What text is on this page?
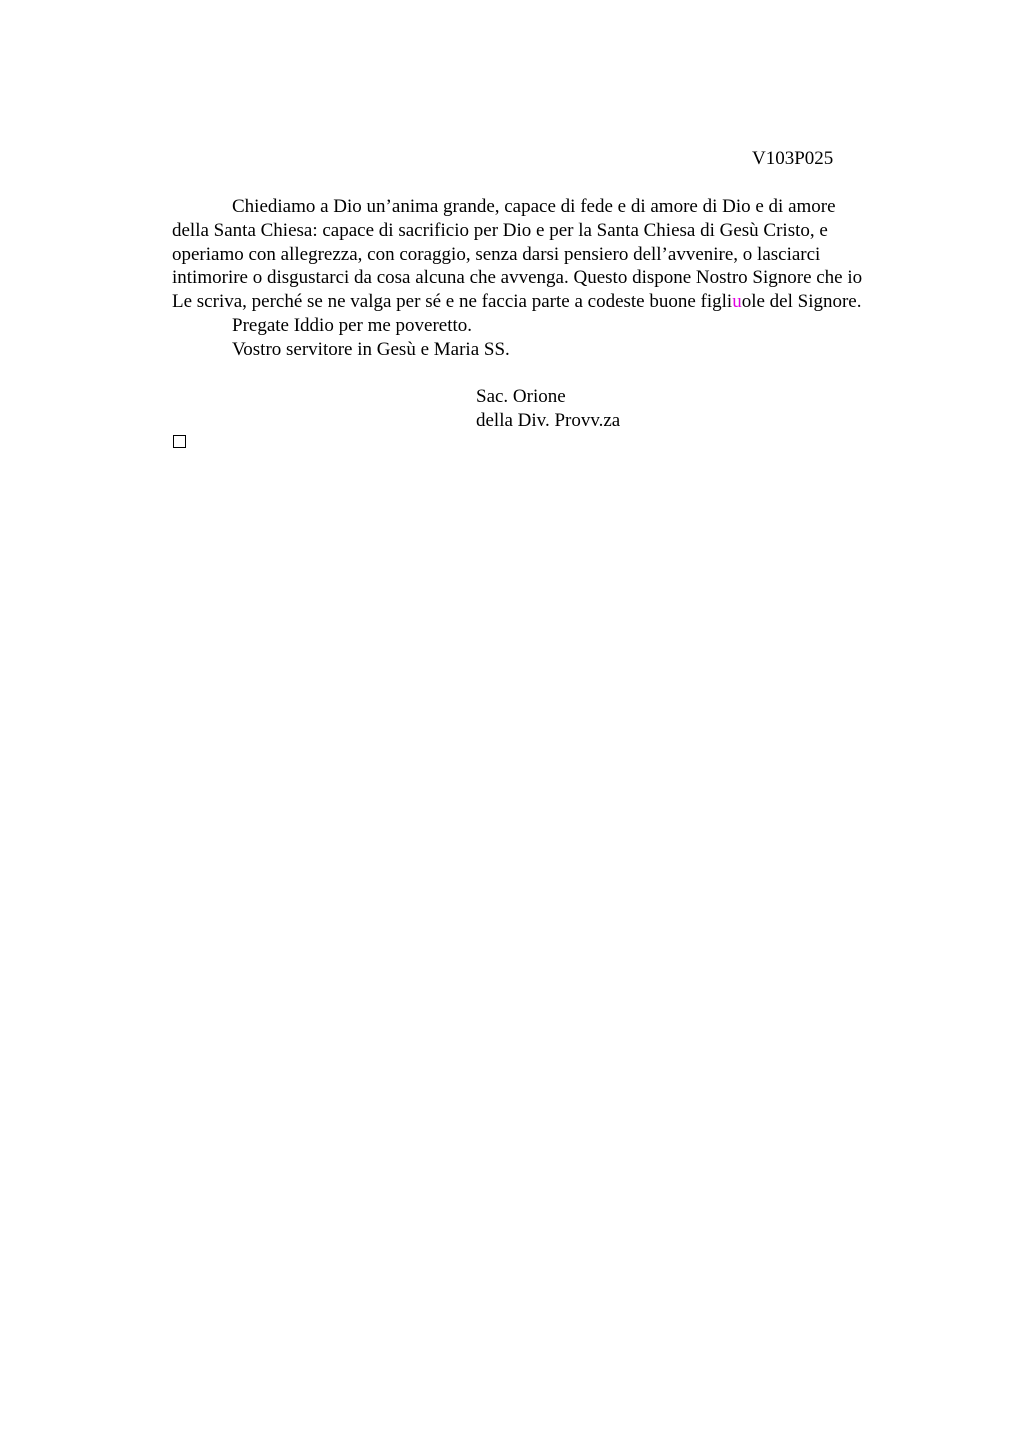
V103P025
Chiediamo a Dio un’anima grande, capace di fede e di amore di Dio e di amore
della Santa Chiesa: capace di sacrificio per Dio e per la Santa Chiesa di Gesù Cristo, e
operiamo con allegrezza, con coraggio, senza darsi pensiero dell’avvenire, o lasciarci
intimorire o disgustarci da cosa alcuna che avvenga. Questo dispone Nostro Signore che io
Le scriva, perché se ne valga per sé e ne faccia parte a codeste buone figliuole del Signore.
Pregate Iddio per me poveretto.
Vostro servitore in Gesù e Maria SS.
Sac. Orione
della Div. Provv.za
